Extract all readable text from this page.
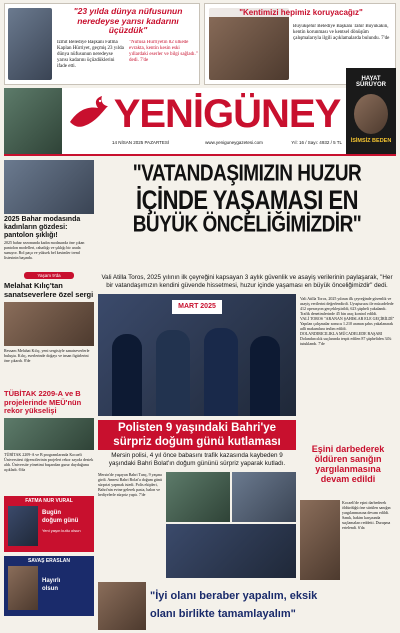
"23 yılda dünya nüfusunun neredeyse yarısı kadarını üçüzdük"
İzmit Belediye Başkanı Fatma Kaplan Hürriyet, geçmiş 23 yılda dünya nüfusunun neredeyse yarısı kadarını üçüzdüklerini ifade etti.
"Nüfusa Hürriyetin 82 ülkede evrakta, kentin kesin eski yıllardaki eserler ve bilgi sağladı." dedi. 7'de
"Kentimizi hepimiz koruyacağız"
Büyükşehir Belediye Başkanı Tahir Büyükakın, kentin korunması ve kentsel dönüşüm çalışmalarıyla ilgili açıklamalarda bulundu. 7'de
YENİGÜNEY
14 NİSAN 2025 PAZARTESİ	www.yeniguneygazetesi.com	Yıl: 16 / Sayı: 4932 / 5 TL
HAYAT
SÜRÜYOR
İSİMSİZ BEDEN
2025 Bahar modasında kadınların gözdesi: pantolon şıklığı!
2025 bahar sezonunda kadın modasında öne çıkan pantolon modelleri, rahatlığı ve şıklığı bir arada sunuyor. Bol paça ve yüksek bel kesimler trend listesinin başında.
Yaşam 9'da
Melahat Kılıç'tan sanatseverlere özel sergi
Ressam Melahat Kılıç, yeni sergisiyle sanatseverlerle buluştu. Kılıç, eserlerinde doğayı ve insan figürlerini öne çıkardı. 8'de
TÜBİTAK 2209-A ve B projelerinde MEÜ'nün rekor yükselişi
TÜBİTAK 2209-A ve B programlarında Kocaeli Üniversitesi öğrencilerinin projeleri rekor sayıda destek aldı. Üniversite yönetimi başarıdan gurur duyduğunu açıkladı. 6'da
FATMA NUR VURAL
Bugün
doğum günü
Yeni yaşın kutlu olsun
SAVAŞ ERASLAN
Hayırlı
olsun
"VATANDAŞIMIZIN HUZUR
İÇİNDE YAŞAMASI EN
BÜYÜK ÖNCELİĞİMİZDİR"
Vali Atilla Toros, 2025 yılının ilk çeyreğini kapsayan 3 aylık güvenlik ve asayiş verilerinin paylaşarak, "Her bir vatandaşımızın kendini güvende hissetmesi, huzur içinde yaşaması en büyük önceliğimizdir" dedi.
MART 2025
Vali Atilla Toros, 2025 yılının ilk çeyreğinde güvenlik ve asayiş verilerini değerlendirdi. Uyuşturucu ile mücadelede 412 operasyon gerçekleştirildi, 623 şüpheli yakalandı. Trafik denetimlerinde 45 bin araç kontrol edildi.
VALİ TOROS "ARANAN ŞAHISLAR ELE GEÇİRİLDİ"
Yapılan çalışmalar sonucu 1.210 aranan şahıs yakalanarak adli makamlara teslim edildi.
DOLANDIRICILIKLA MÜCADELEDE BAŞARI
Dolandırıcılık suçlarında tespit edilen 87 şüpheliden 34'ü tutuklandı. 7'de
Eşini darbederek öldüren sanığın yargılanmasına devam edildi
Kocaeli'de eşini darbederek öldürdüğü öne sürülen sanığın yargılanmasına devam edildi. Sanık, hakim karşısında suçlamaları reddetti. Duruşma ertelendi. 6'da
Polisten 9 yaşındaki Bahri'ye
sürpriz doğum günü kutlaması
Mersin polisi, 4 yıl önce babasını trafik kazasında kaybeden 9 yaşındaki Bahri Bolat'ın doğum gününü sürpriz yaparak kutladı.
Mersin'de yaşayan Bahri Tunç, 9 yaşına girdi. Annesi Bahri Bolat'a doğum günü sürprizi yapmak istedi. Polis ekipleri, Bahri'nin evine gelerek pasta, balon ve hediyelerle sürpriz yaptı. 7'de
"İyi olanı beraber yapalım, eksik
olanı birlikte tamamlayalım"
